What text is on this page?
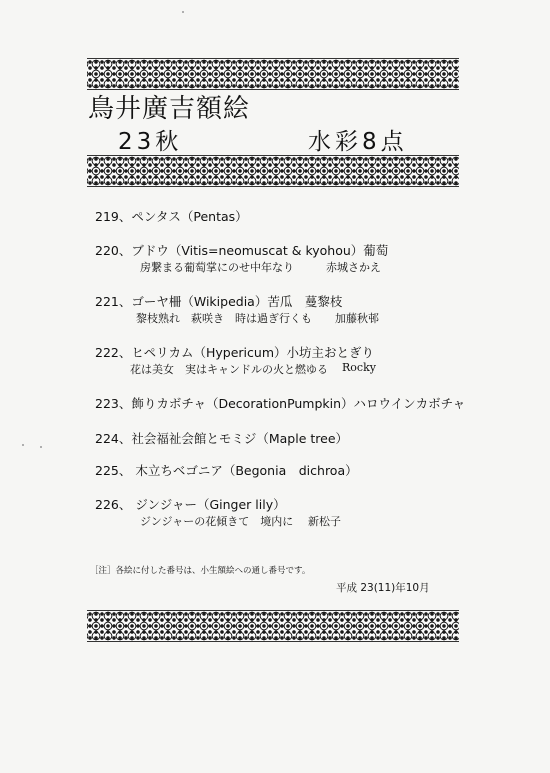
鳥井廣吉額絵
23秋	水彩8点
219、ペンタス（Pentas）
220、ブドウ（Vitis=neomuscat & kyohou）葡萄
房繋まる葡萄掌にのせ中年なり	赤城さかえ
221、ゴーヤ柵（Wikipedia）苦瓜　蔓黎枝
黎枝熟れ　萩咲き　時は過ぎ行くも 加藤秋邨
222、ヒペリカム（Hypericum）小坊主おとぎり
花は美女　実はキャンドルの火と燃ゆる Rocky
223、飾りカボチャ（DecorationPumpkin）ハロウインカボチャ
224、社会福祉会館とモミジ（Maple tree）
225、 木立ちベゴニア（Begonia　dichroa）
226、 ジンジャー（Ginger lily）
ジンジャーの花傾きて　境内に 新松子
［注］各絵に付した番号は、小生額絵への通し番号です。
平成 23(11)年10月
